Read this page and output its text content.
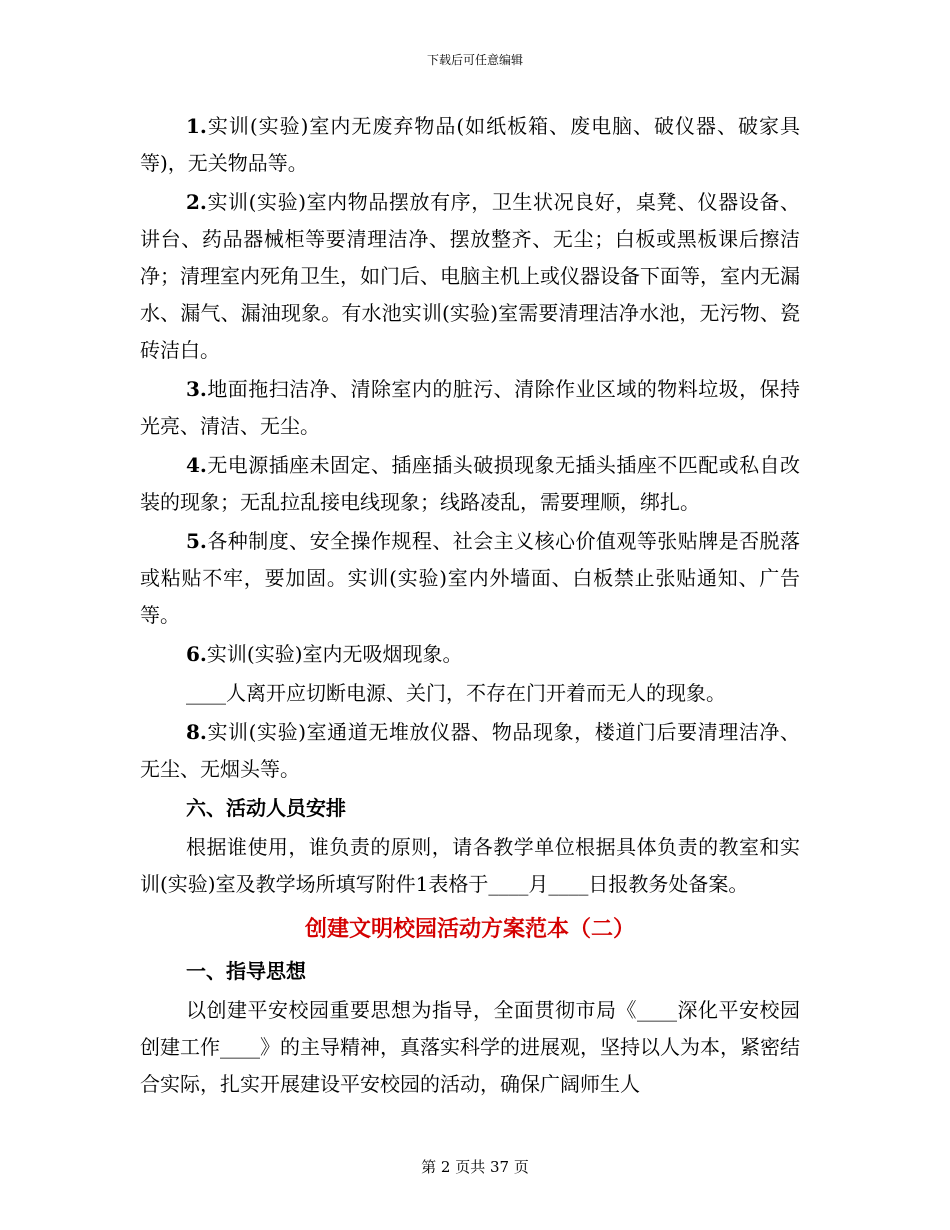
下载后可任意编辑

1.实训(实验)室内无废弃物品(如纸板箱、废电脑、破仪器、破家具等)，无关物品等。

2.实训(实验)室内物品摆放有序，卫生状况良好，桌凳、仪器设备、讲台、药品器械柜等要清理洁净、摆放整齐、无尘；白板或黑板课后擦洁净；清理室内死角卫生，如门后、电脑主机上或仪器设备下面等，室内无漏水、漏气、漏油现象。有水池实训(实验)室需要清理洁净水池，无污物、瓷砖洁白。

3.地面拖扫洁净、清除室内的脏污、清除作业区域的物料垃圾，保持光亮、清洁、无尘。

4.无电源插座未固定、插座插头破损现象无插头插座不匹配或私自改装的现象；无乱拉乱接电线现象；线路凌乱，需要理顺，绑扎。

5.各种制度、安全操作规程、社会主义核心价值观等张贴牌是否脱落或粘贴不牢，要加固。实训(实验)室内外墙面、白板禁止张贴通知、广告等。

6.实训(实验)室内无吸烟现象。

____人离开应切断电源、关门，不存在门开着而无人的现象。

8.实训(实验)室通道无堆放仪器、物品现象，楼道门后要清理洁净、无尘、无烟头等。

六、活动人员安排

根据谁使用，谁负责的原则，请各教学单位根据具体负责的教室和实训(实验)室及教学场所填写附件1表格于____月____日报教务处备案。

创建文明校园活动方案范本（二）

一、指导思想

以创建平安校园重要思想为指导，全面贯彻市局《____深化平安校园创建工作____》的主导精神，真落实科学的进展观，坚持以人为本，紧密结合实际，扎实开展建设平安校园的活动，确保广阔师生人

第 2 页共 37 页
